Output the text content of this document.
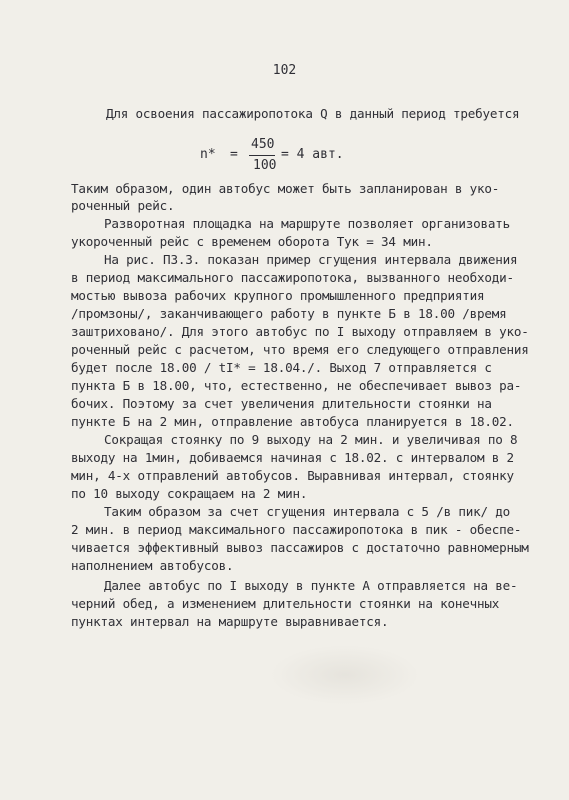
102
Для освоения пассажиропотока Q в данный период требуется
n* =
450
100
= 4 авт.
Таким образом, один автобус может быть запланирован в уко-
роченный рейс.
Разворотная площадка на маршруте позволяет организовать
укороченный рейс с временем оборота Tук = 34 мин.
На рис. ПЗ.3. показан пример сгущения интервала движения
в период максимального пассажиропотока, вызванного необходи-
мостью вывоза рабочих крупного промышленного предприятия
/промзоны/, заканчивающего работу в пункте Б в 18.00 /время
заштриховано/. Для этого автобус по I выходу отправляем в уко-
роченный рейс с расчетом, что время его следующего отправления
будет после 18.00 / tI* = 18.04./. Выход 7 отправляется с
пункта Б в 18.00, что, естественно, не обеспечивает вывоз ра-
бочих. Поэтому за счет увеличения длительности стоянки на
пункте Б на 2 мин, отправление автобуса планируется в 18.02.
Сокращая стоянку по 9 выходу на 2 мин. и увеличивая по 8
выходу на 1мин, добиваемся начиная с 18.02. с интервалом в 2
мин, 4-х отправлений автобусов. Выравнивая интервал, стоянку
по 10 выходу сокращаем на 2 мин.
Таким образом за счет сгущения интервала с 5 /в пик/ до
2 мин. в период максимального пассажиропотока в пик - обеспе-
чивается эффективный вывоз пассажиров с достаточно равномерным
наполнением автобусов.
Далее автобус по I выходу в пункте А отправляется на ве-
черний обед, а изменением длительности стоянки на конечных
пунктах интервал на маршруте выравнивается.
